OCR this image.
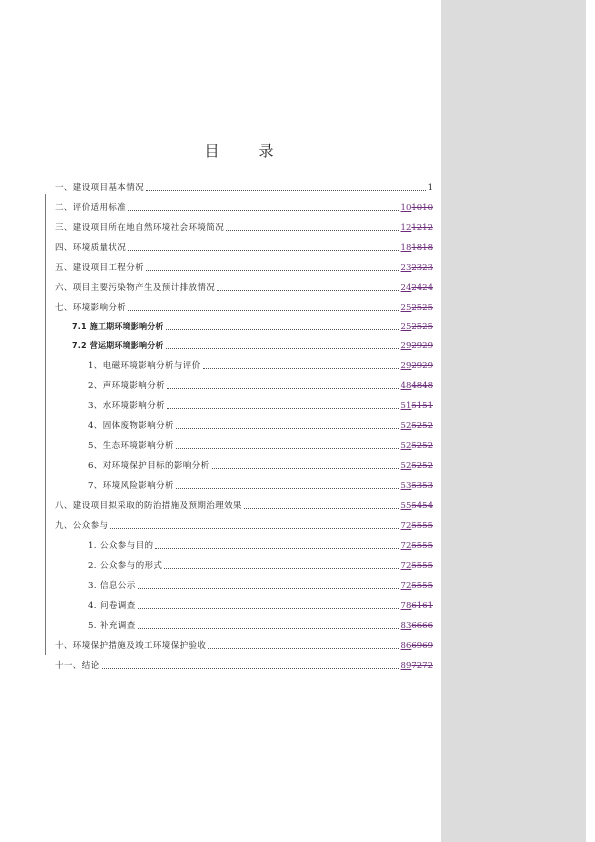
目　录
一、建设项目基本情况	1
二、评价适用标准	101010
三、建设项目所在地自然环境社会环境简况	121212
四、环境质量状况	181818
五、建设项目工程分析	232323
六、项目主要污染物产生及预计排放情况	242424
七、环境影响分析	252525
7.1 施工期环境影响分析	252525
7.2 营运期环境影响分析	292929
1、电磁环境影响分析与评价	292929
2、声环境影响分析	484848
3、水环境影响分析	515151
4、固体废物影响分析	525252
5、生态环境影响分析	525252
6、对环境保护目标的影响分析	525252
7、环境风险影响分析	535353
八、建设项目拟采取的防治措施及预期治理效果	555454
九、公众参与	725555
1. 公众参与目的	725555
2. 公众参与的形式	725555
3. 信息公示	725555
4. 问卷调查	786161
5. 补充调查	836666
十、环境保护措施及竣工环境保护验收	866969
十一、结论	897272
